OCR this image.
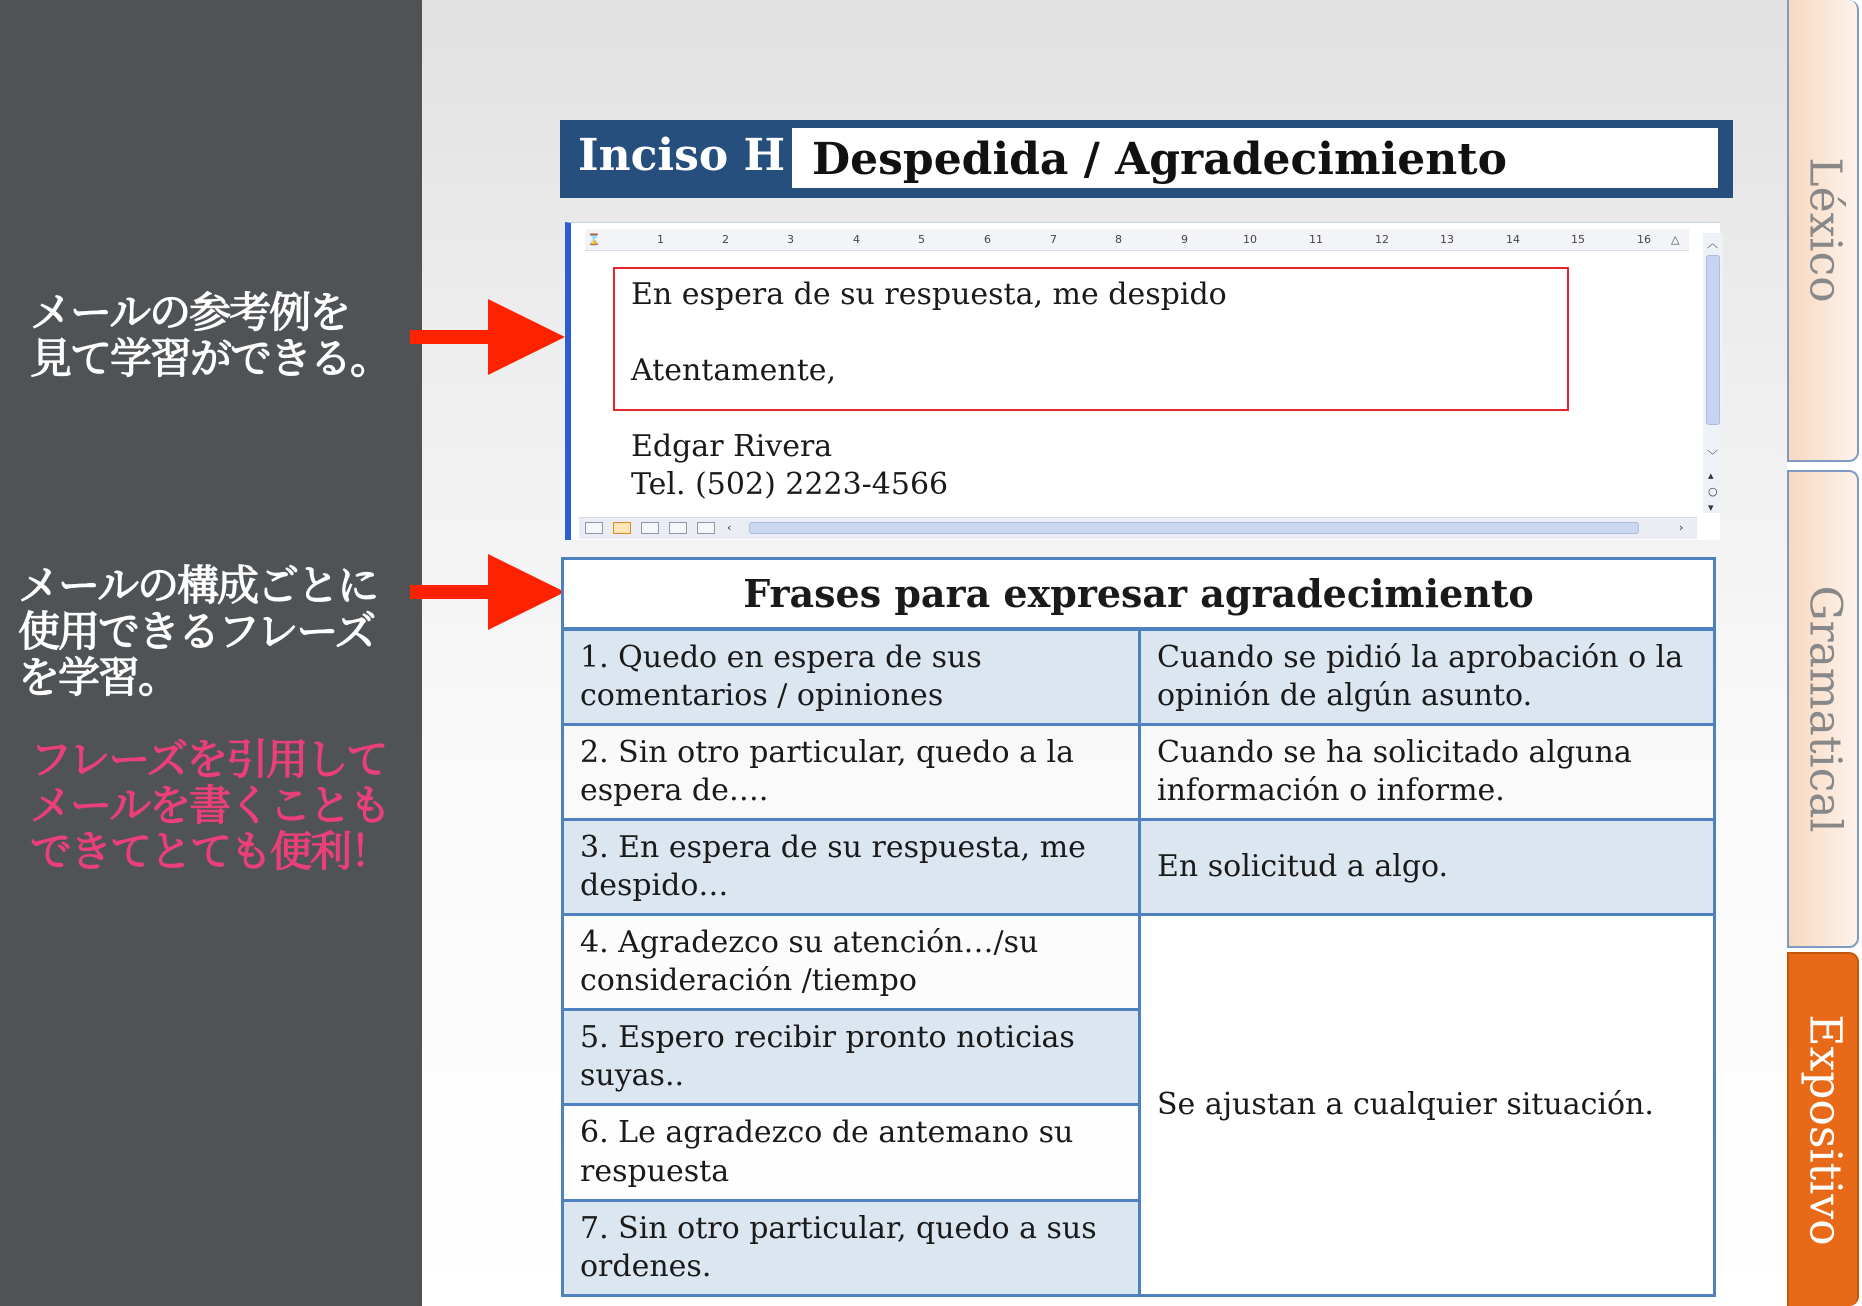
メールの参考例を
見て学習ができる。
メールの構成ごとに
使用できるフレーズ
を学習。
フレーズを引用して
メールを書くことも
できてとても便利！
Inciso H Despedida / Agradecimiento
⌛	1	2	3	4	5	6	7	8	9	10	11	12	13	14	15	16 △
En espera de su respuesta, me despido
Atentamente,
Edgar Rivera
Tel. (502) 2223-4566
︿
﹀
▴
○
▾
‹	›
Frases para expresar agradecimiento	
1. Quedo en espera de sus comentarios / opiniones	Cuando se pidió la aprobación o la opinión de algún asunto.
2. Sin otro particular, quedo a la espera de….	Cuando se ha solicitado alguna información o informe.
3. En espera de su respuesta, me despido…	En solicitud a algo.
4. Agradezco su atención…/su consideración /tiempo	Se ajustan a cualquier situación.
5. Espero recibir pronto noticias suyas..	
6. Le agradezco de antemano su respuesta	
7. Sin otro particular, quedo a sus ordenes.	
Léxico
Gramatical
Expositivo
